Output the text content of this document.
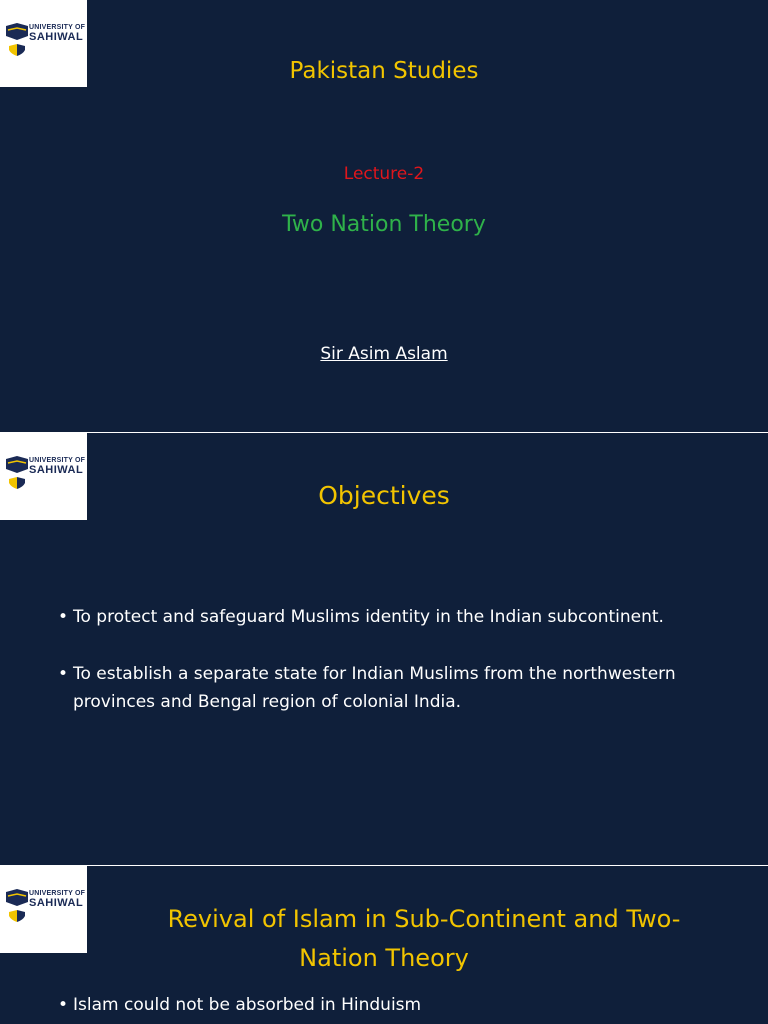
UNIVERSITY OF
SAHIWAL
Pakistan Studies
Lecture-2
Two Nation Theory
Sir Asim Aslam
UNIVERSITY OF
SAHIWAL
Objectives
• To protect and safeguard Muslims identity in the Indian subcontinent.
• To establish a separate state for Indian Muslims from the northwestern provinces and Bengal region of colonial India.
UNIVERSITY OF
SAHIWAL
Revival of Islam in Sub-Continent and Two-
Nation Theory
• Islam could not be absorbed in Hinduism
